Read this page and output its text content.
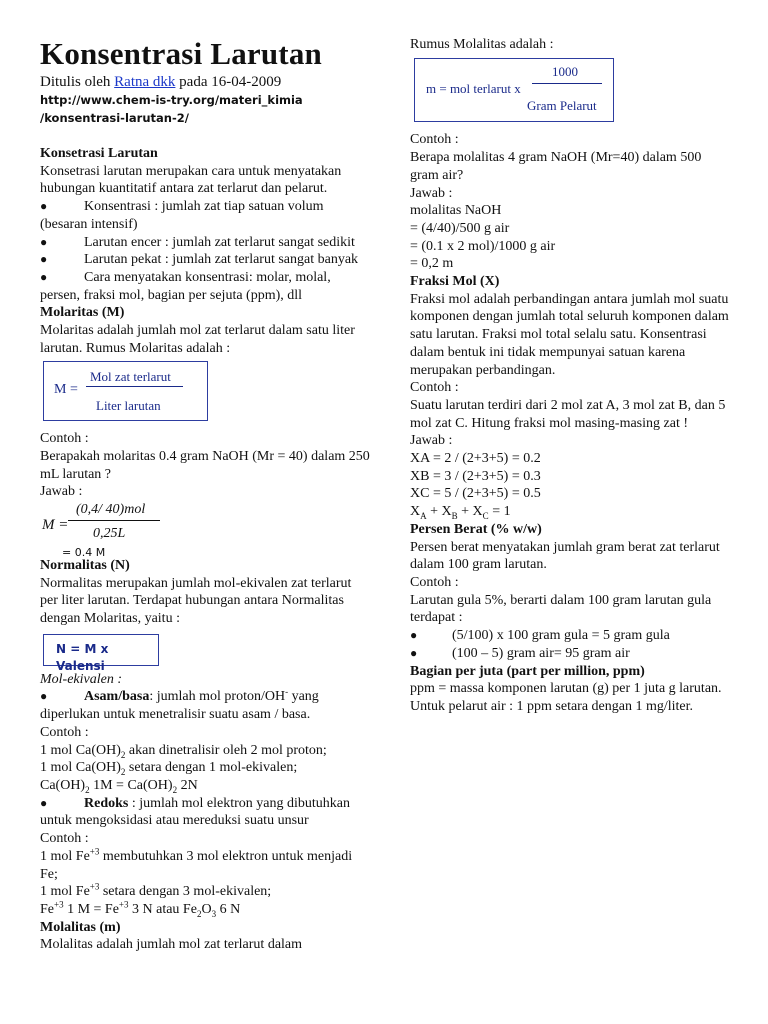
Konsentrasi Larutan
Ditulis oleh Ratna dkk pada 16-04-2009
http://www.chem-is-try.org/materi_kimia
/konsentrasi-larutan-2/

Konsetrasi Larutan

Konsetrasi larutan merupakan cara untuk menyatakan hubungan kuantitatif antara zat terlarut dan pelarut.

●	Konsentrasi : jumlah zat tiap satuan volum (besaran intensif)
●	Larutan encer : jumlah zat terlarut sangat sedikit
●	Larutan pekat : jumlah zat terlarut sangat banyak
●	Cara menyatakan konsentrasi: molar, molal, persen, fraksi mol, bagian per sejuta (ppm), dll

Molaritas (M)

Molaritas adalah jumlah mol zat terlarut dalam satu liter larutan. Rumus Molaritas adalah :

M =
Mol zat terlarut
Liter larutan

Contoh :

Berapakah molaritas 0.4 gram NaOH (Mr = 40) dalam 250 mL larutan ?

Jawab :

M =
(0,4/ 40)mol
0,25L
= 0.4 M

Normalitas (N)

Normalitas merupakan jumlah mol-ekivalen zat terlarut per liter larutan. Terdapat hubungan antara Normalitas dengan Molaritas, yaitu :

N = M x Valensi

Mol-ekivalen :

●	Asam/basa: jumlah mol proton/OH- yang diperlukan untuk menetralisir suatu asam / basa.

Contoh :

1 mol $Ca(OH)_2$ akan dinetralisir oleh 2 mol proton;

1 mol $Ca(OH)_2$ setara dengan 1 mol-ekivalen;

$Ca(OH)_2$ $1M = Ca(OH)_2$ 2N

●	Redoks : jumlah mol elektron yang dibutuhkan untuk mengoksidasi atau mereduksi suatu unsur

Contoh :

1 mol $Fe^{+3}$ membutuhkan 3 mol elektron untuk menjadi Fe;

1 mol $Fe^{+3}$ setara dengan 3 mol-ekivalen;

$Fe^{+3}$ 1 $M = Fe^{+3}$ 3 N atau $Fe_2O_3$ 6 N

Molalitas (m)

Molalitas adalah jumlah mol zat terlarut dalam

Rumus Molalitas adalah :

m = mol terlarut x
1000
Gram Pelarut

Contoh :

Berapa molalitas 4 gram NaOH (Mr=40) dalam 500 gram air?

Jawab :

molalitas NaOH

= (4/40)/500 g air

= (0.1 x 2 mol)/1000 g air

= 0,2 m

Fraksi Mol (X)

Fraksi mol adalah perbandingan antara jumlah mol suatu komponen dengan jumlah total seluruh komponen dalam satu larutan. Fraksi mol total selalu satu. Konsentrasi dalam bentuk ini tidak mempunyai satuan karena merupakan perbandingan.

Contoh :

Suatu larutan terdiri dari 2 mol zat A, 3 mol zat B, dan 5 mol zat C. Hitung fraksi mol masing-masing zat !

Jawab :

XA = 2 / (2+3+5) = 0.2

XB = 3 / (2+3+5) = 0.3

XC = 5 / (2+3+5) = 0.5

$X_A + X_B + X_C = 1$

Persen Berat (% w/w)

Persen berat menyatakan jumlah gram berat zat terlarut dalam 100 gram larutan.

Contoh :

Larutan gula 5%, berarti dalam 100 gram larutan gula terdapat :

●	(5/100) x 100 gram gula = 5 gram gula
●	(100 – 5) gram air= 95 gram air

Bagian per juta (part per million, ppm)

ppm = massa komponen larutan (g) per 1 juta g larutan. Untuk pelarut air : 1 ppm setara dengan 1 mg/liter.
